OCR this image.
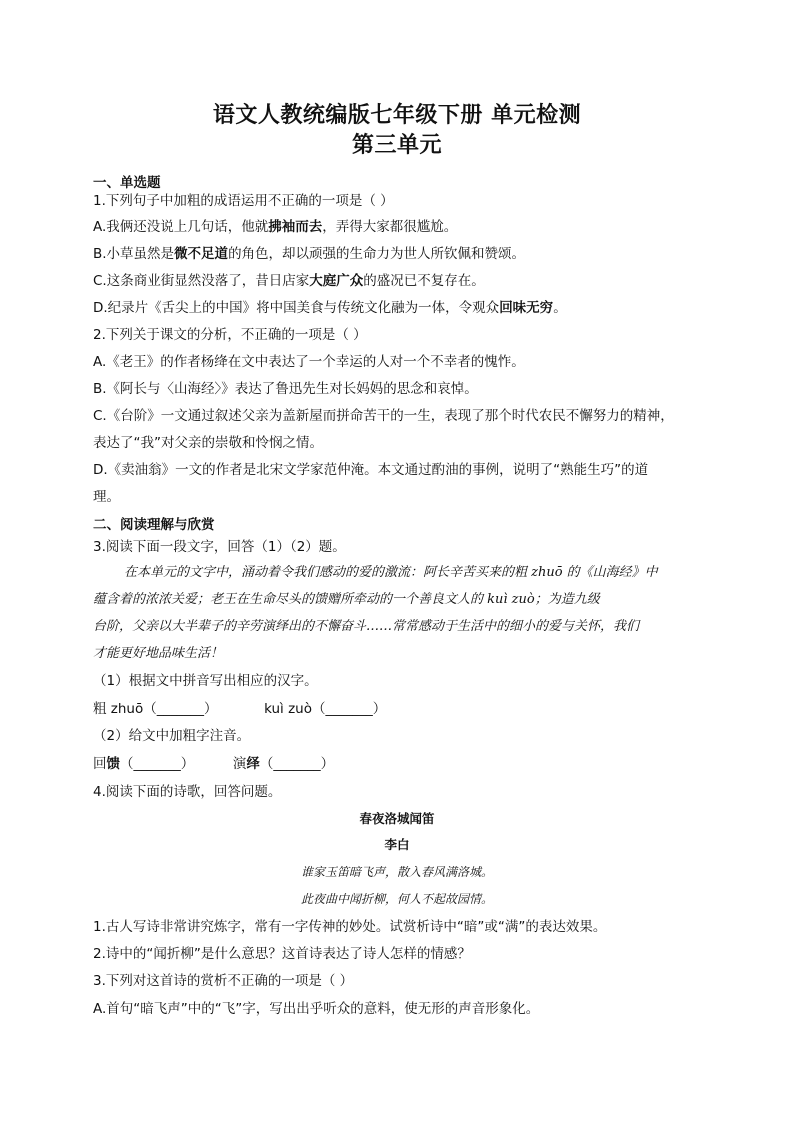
语文人教统编版七年级下册 单元检测
第三单元
一、单选题
1.下列句子中加粗的成语运用不正确的一项是（ ）
A.我俩还没说上几句话，他就拂袖而去，弄得大家都很尴尬。
B.小草虽然是微不足道的角色，却以顽强的生命力为世人所钦佩和赞颂。
C.这条商业街显然没落了，昔日店家大庭广众的盛况已不复存在。
D.纪录片《舌尖上的中国》将中国美食与传统文化融为一体，令观众回味无穷。
2.下列关于课文的分析，不正确的一项是（ ）
A.《老王》的作者杨绛在文中表达了一个幸运的人对一个不幸者的愧怍。
B.《阿长与〈山海经〉》表达了鲁迅先生对长妈妈的思念和哀悼。
C.《台阶》一文通过叙述父亲为盖新屋而拼命苦干的一生，表现了那个时代农民不懈努力的精神，
表达了“我”对父亲的崇敬和怜悯之情。
D.《卖油翁》一文的作者是北宋文学家范仲淹。本文通过酌油的事例，说明了“熟能生巧”的道
理。
二、阅读理解与欣赏
3.阅读下面一段文字，回答（1）（2）题。
在本单元的文字中，涌动着令我们感动的爱的激流：阿长辛苦买来的粗 zhuō 的《山海经》中
蕴含着的浓浓关爱；老王在生命尽头的馈赠所牵动的一个善良文人的 kuì zuò；为造九级
台阶，父亲以大半辈子的辛劳演绎出的不懈奋斗……常常感动于生活中的细小的爱与关怀，我们
才能更好地品味生活！
（1）根据文中拼音写出相应的汉字。
粗 zhuō（_______）	kuì zuò（_______）
（2）给文中加粗字注音。
回馈（_______）	演绎（_______）
4.阅读下面的诗歌，回答问题。
春夜洛城闻笛
李白
谁家玉笛暗飞声，散入春风满洛城。
此夜曲中闻折柳，何人不起故园情。
1.古人写诗非常讲究炼字，常有一字传神的妙处。试赏析诗中“暗”或“满”的表达效果。
2.诗中的“闻折柳”是什么意思？这首诗表达了诗人怎样的情感？
3.下列对这首诗的赏析不正确的一项是（ ）
A.首句“暗飞声”中的“飞”字，写出出乎听众的意料，使无形的声音形象化。
